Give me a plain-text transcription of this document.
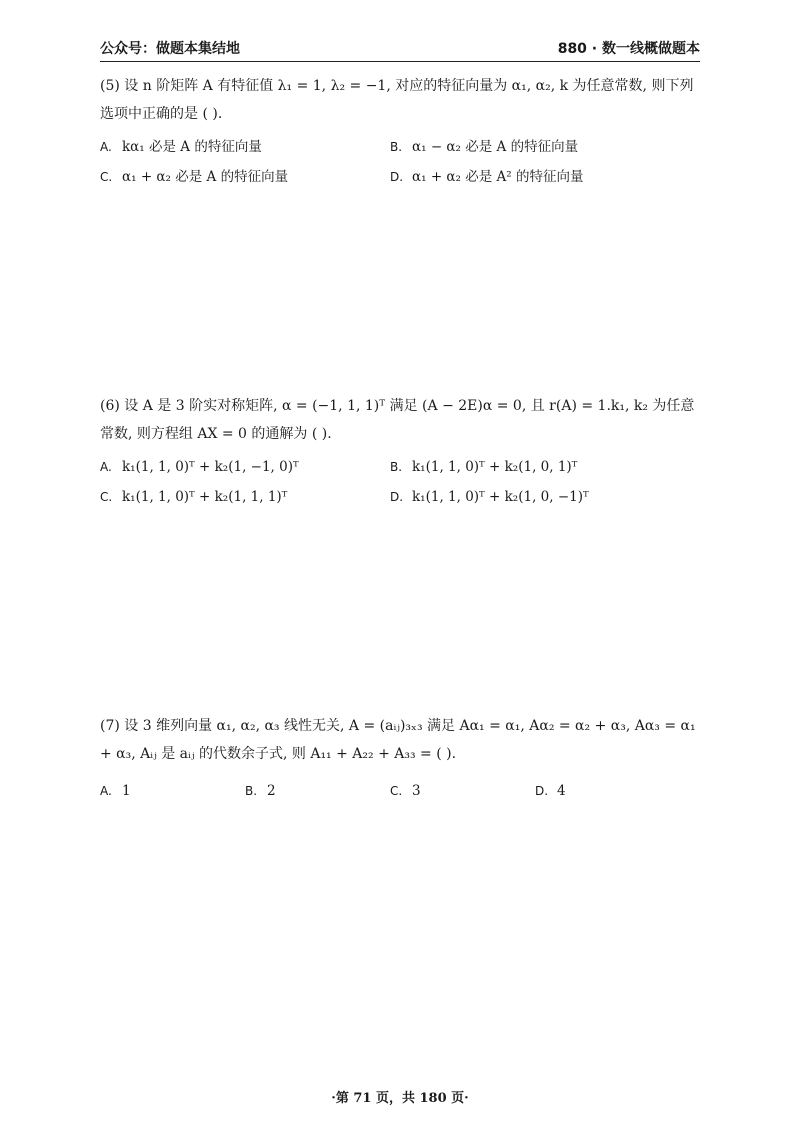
公众号：做题本集结地	880 · 数一线概做题本

(5) 设 n 阶矩阵 A 有特征值 λ₁ = 1, λ₂ = −1, 对应的特征向量为 α₁, α₂, k 为任意常数, 则下列选项中正确的是 ( ).

A. kα₁ 必是 A 的特征向量	B. α₁ − α₂ 必是 A 的特征向量
C. α₁ + α₂ 必是 A 的特征向量	D. α₁ + α₂ 必是 A² 的特征向量

(6) 设 A 是 3 阶实对称矩阵, α = (−1, 1, 1)ᵀ 满足 (A − 2E)α = 0, 且 r(A) = 1.k₁, k₂ 为任意常数, 则方程组 AX = 0 的通解为 ( ).

A. k₁(1, 1, 0)ᵀ + k₂(1, −1, 0)ᵀ	B. k₁(1, 1, 0)ᵀ + k₂(1, 0, 1)ᵀ
C. k₁(1, 1, 0)ᵀ + k₂(1, 1, 1)ᵀ	D. k₁(1, 1, 0)ᵀ + k₂(1, 0, −1)ᵀ

(7) 设 3 维列向量 α₁, α₂, α₃ 线性无关, A = (aᵢⱼ)₃ₓ₃ 满足 Aα₁ = α₁, Aα₂ = α₂ + α₃, Aα₃ = α₁ + α₃, Aᵢⱼ 是 aᵢⱼ 的代数余子式, 则 A₁₁ + A₂₂ + A₃₃ = ( ).

A. 1	B. 2	C. 3	D. 4
·第 71 页，共 180 页·
